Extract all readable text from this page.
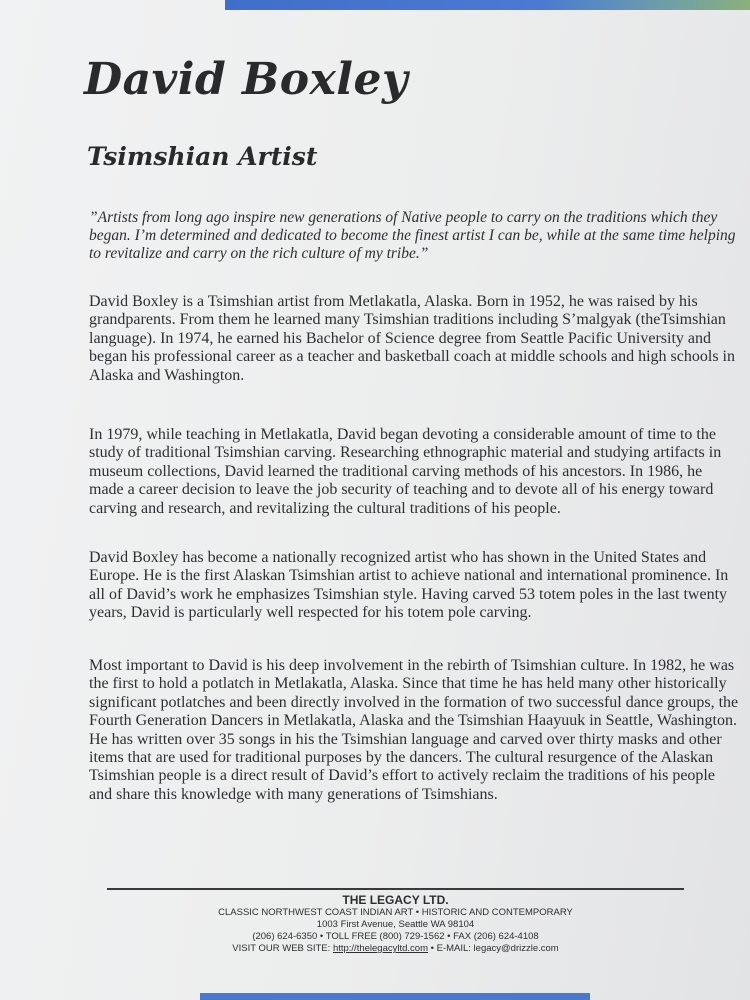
David Boxley
Tsimshian Artist

”Artists from long ago inspire new generations of Native people to carry on the traditions which they began. I’m determined and dedicated to become the finest artist I can be, while at the same time helping to revitalize and carry on the rich culture of my tribe.”

David Boxley is a Tsimshian artist from Metlakatla, Alaska. Born in 1952, he was raised by his grandparents. From them he learned many Tsimshian traditions including S’malgyak (theTsimshian language). In 1974, he earned his Bachelor of Science degree from Seattle Pacific University and began his professional career as a teacher and basketball coach at middle schools and high schools in Alaska and Washington.

In 1979, while teaching in Metlakatla, David began devoting a considerable amount of time to the study of traditional Tsimshian carving. Researching ethnographic material and studying artifacts in museum collections, David learned the traditional carving methods of his ancestors. In 1986, he made a career decision to leave the job security of teaching and to devote all of his energy toward carving and research, and revitalizing the cultural traditions of his people.

David Boxley has become a nationally recognized artist who has shown in the United States and Europe. He is the first Alaskan Tsimshian artist to achieve national and international prominence. In all of David’s work he emphasizes Tsimshian style. Having carved 53 totem poles in the last twenty years, David is particularly well respected for his totem pole carving.

Most important to David is his deep involvement in the rebirth of Tsimshian culture. In 1982, he was the first to hold a potlatch in Metlakatla, Alaska. Since that time he has held many other historically significant potlatches and been directly involved in the formation of two successful dance groups, the Fourth Generation Dancers in Metlakatla, Alaska and the Tsimshian Haayuuk in Seattle, Washington. He has written over 35 songs in his the Tsimshian language and carved over thirty masks and other items that are used for traditional purposes by the dancers. The cultural resurgence of the Alaskan Tsimshian people is a direct result of David’s effort to actively reclaim the traditions of his people and share this knowledge with many generations of Tsimshians.

THE LEGACY LTD.
CLASSIC NORTHWEST COAST INDIAN ART • HISTORIC AND CONTEMPORARY
1003 First Avenue, Seattle WA 98104
(206) 624-6350 • TOLL FREE (800) 729-1562 • FAX (206) 624-4108
VISIT OUR WEB SITE: http://thelegacyltd.com • E-MAIL: legacy@drizzle.com
